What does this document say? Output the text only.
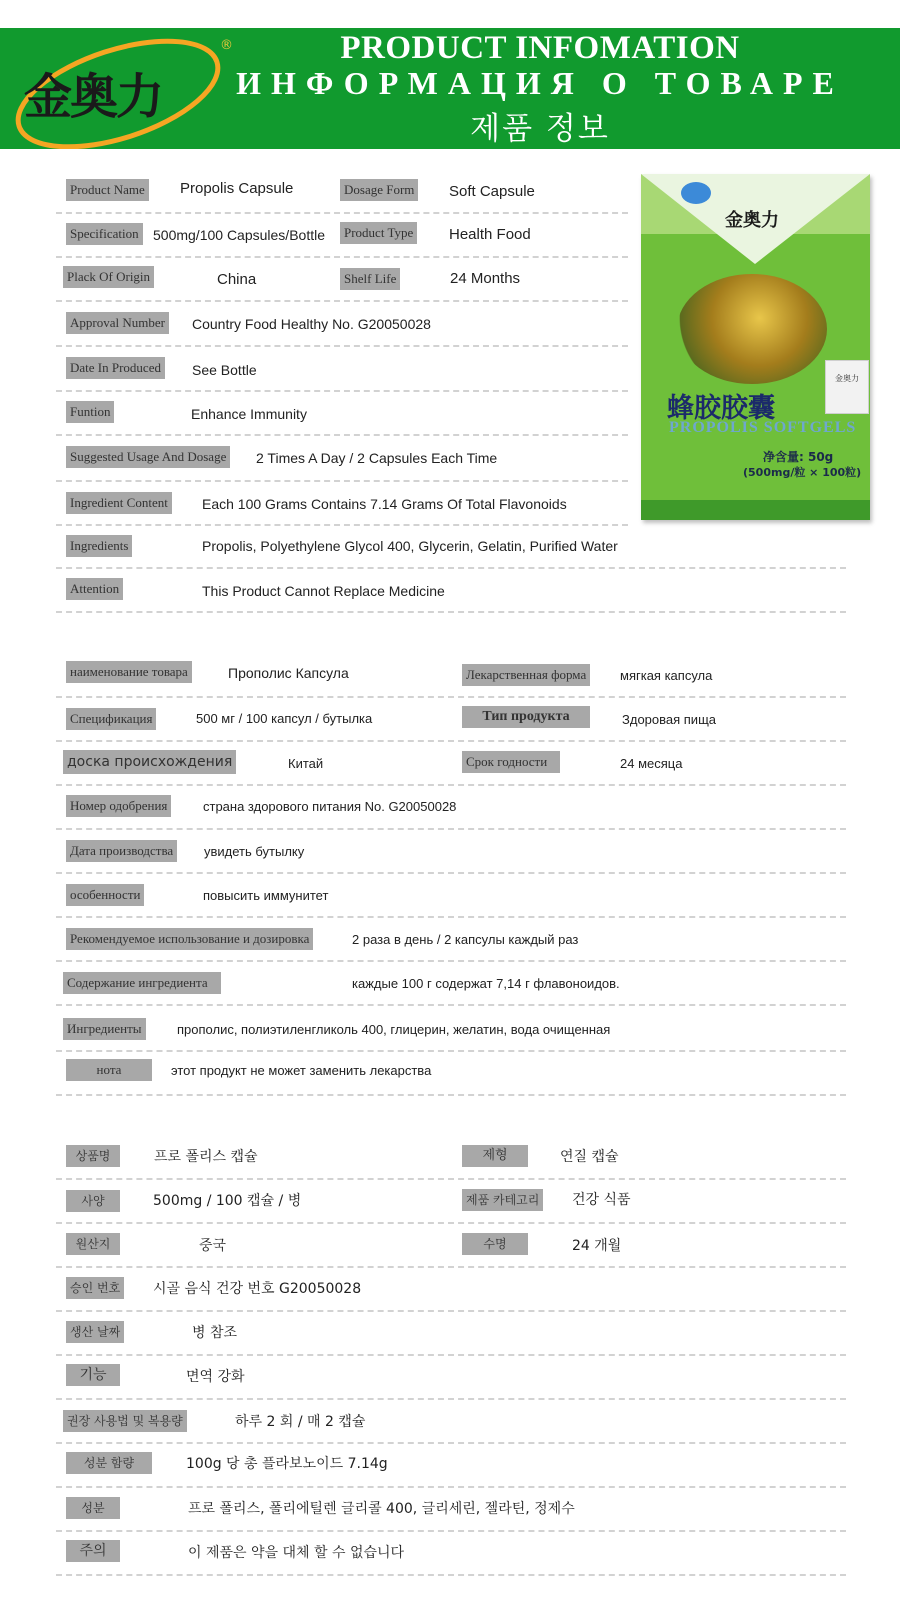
金奥力
®	PRODUCT INFOMATION
ИНФОРМАЦИЯ О ТОВАРЕ
제품 정보
金奥力

金奥力
蜂胶胶囊
PROPOLIS SOFTGELS
净含量: 50g
(500mg/粒 × 100粒)
Product Name Propolis Capsule	Dosage Form Soft Capsule
Specification 500mg/100 Capsules/Bottle	Product Type Health Food
Plack Of Origin	China	Shelf Life	24 Months
Approval Number Country Food Healthy No. G20050028
Date In Produced See Bottle
Funtion	Enhance Immunity
Suggested Usage And Dosage 2 Times A Day / 2 Capsules Each Time
Ingredient Content Each 100 Grams Contains 7.14 Grams Of Total Flavonoids
Ingredients	Propolis, Polyethylene Glycol 400, Glycerin, Gelatin, Purified Water
Attention	This Product Cannot Replace Medicine
наименование товара	Прополис Капсула	Лекарственная форма	мягкая капсула
Спецификация	500 мг / 100 капсул / бутылка	Тип продукта	Здоровая пища
доска происхождения	Китай	Срок годности	24 месяца
Номер одобрения	страна здорового питания No. G20050028
Дата производства	увидеть бутылку
особенности	повысить иммунитет
Рекомендуемое использование и дозировка	2 раза в день / 2 капсулы каждый раз
Содержание ингредиента	каждые 100 г содержат 7,14 г флавоноидов.
Ингредиенты	прополис, полиэтиленгликоль 400, глицерин, желатин, вода очищенная
нота	этот продукт не может заменить лекарства
상품명	프로 폴리스 캡슐	제형	연질 캡슐
사양	500mg / 100 캡슐 / 병	제품 카테고리 건강 식품
원산지	중국	수명	24 개월
승인 번호 시골 음식 건강 번호 G20050028
생산 날짜	병 참조
기능	면역 강화
권장 사용법 및 복용량	하루 2 회 / 매 2 캡슐
성분 함량	100g 당 총 플라보노이드 7.14g
성분	프로 폴리스, 폴리에틸렌 글리콜 400, 글리세린, 젤라틴, 정제수
주의	이 제품은 약을 대체 할 수 없습니다
